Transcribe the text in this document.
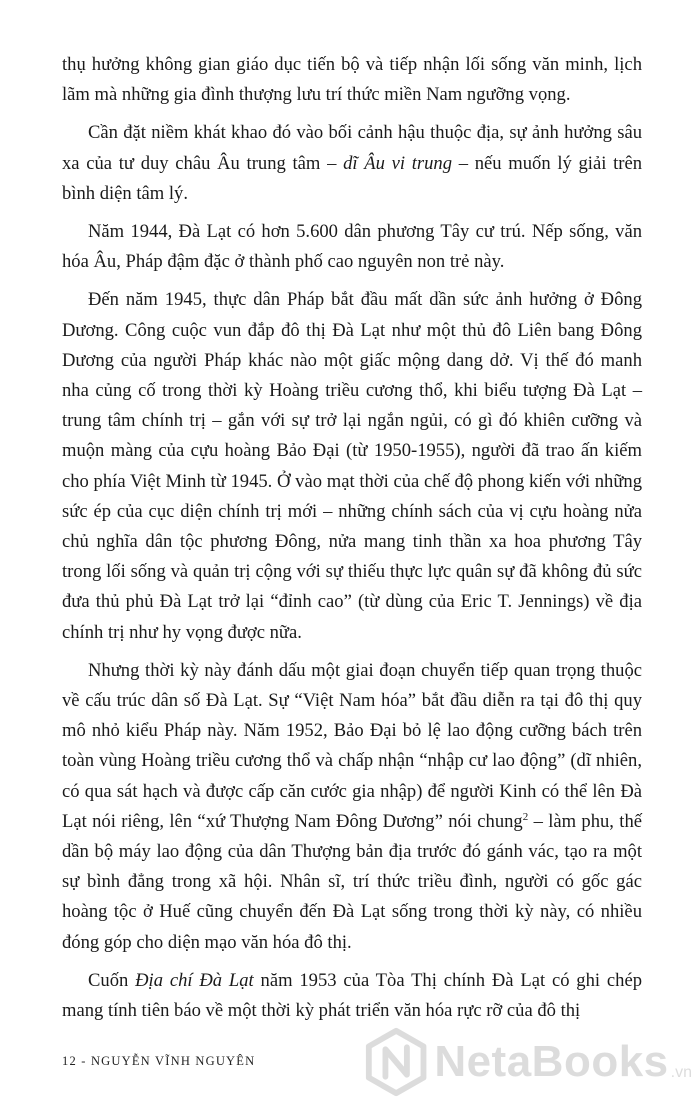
thụ hưởng không gian giáo dục tiến bộ và tiếp nhận lối sống văn minh, lịch lãm mà những gia đình thượng lưu trí thức miền Nam ngưỡng vọng.

Cần đặt niềm khát khao đó vào bối cảnh hậu thuộc địa, sự ảnh hưởng sâu xa của tư duy châu Âu trung tâm – dĩ Âu vi trung – nếu muốn lý giải trên bình diện tâm lý.

Năm 1944, Đà Lạt có hơn 5.600 dân phương Tây cư trú. Nếp sống, văn hóa Âu, Pháp đậm đặc ở thành phố cao nguyên non trẻ này.

Đến năm 1945, thực dân Pháp bắt đầu mất dần sức ảnh hưởng ở Đông Dương. Công cuộc vun đắp đô thị Đà Lạt như một thủ đô Liên bang Đông Dương của người Pháp khác nào một giấc mộng dang dở. Vị thế đó manh nha củng cố trong thời kỳ Hoàng triều cương thổ, khi biểu tượng Đà Lạt – trung tâm chính trị – gắn với sự trở lại ngắn ngủi, có gì đó khiên cưỡng và muộn màng của cựu hoàng Bảo Đại (từ 1950-1955), người đã trao ấn kiếm cho phía Việt Minh từ 1945. Ở vào mạt thời của chế độ phong kiến với những sức ép của cục diện chính trị mới – những chính sách của vị cựu hoàng nửa chủ nghĩa dân tộc phương Đông, nửa mang tinh thần xa hoa phương Tây trong lối sống và quản trị cộng với sự thiếu thực lực quân sự đã không đủ sức đưa thủ phủ Đà Lạt trở lại “đỉnh cao” (từ dùng của Eric T. Jennings) về địa chính trị như hy vọng được nữa.

Nhưng thời kỳ này đánh dấu một giai đoạn chuyển tiếp quan trọng thuộc về cấu trúc dân số Đà Lạt. Sự “Việt Nam hóa” bắt đầu diễn ra tại đô thị quy mô nhỏ kiểu Pháp này. Năm 1952, Bảo Đại bỏ lệ lao động cưỡng bách trên toàn vùng Hoàng triều cương thổ và chấp nhận “nhập cư lao động” (dĩ nhiên, có qua sát hạch và được cấp căn cước gia nhập) để người Kinh có thể lên Đà Lạt nói riêng, lên “xứ Thượng Nam Đông Dương” nói chung$^2$ – làm phu, thế dần bộ máy lao động của dân Thượng bản địa trước đó gánh vác, tạo ra một sự bình đẳng trong xã hội. Nhân sĩ, trí thức triều đình, người có gốc gác hoàng tộc ở Huế cũng chuyển đến Đà Lạt sống trong thời kỳ này, có nhiều đóng góp cho diện mạo văn hóa đô thị.

Cuốn Địa chí Đà Lạt năm 1953 của Tòa Thị chính Đà Lạt có ghi chép mang tính tiên báo về một thời kỳ phát triển văn hóa rực rỡ của đô thị

12 - NGUYỄN VĨNH NGUYÊN	NetaBooks .vn
